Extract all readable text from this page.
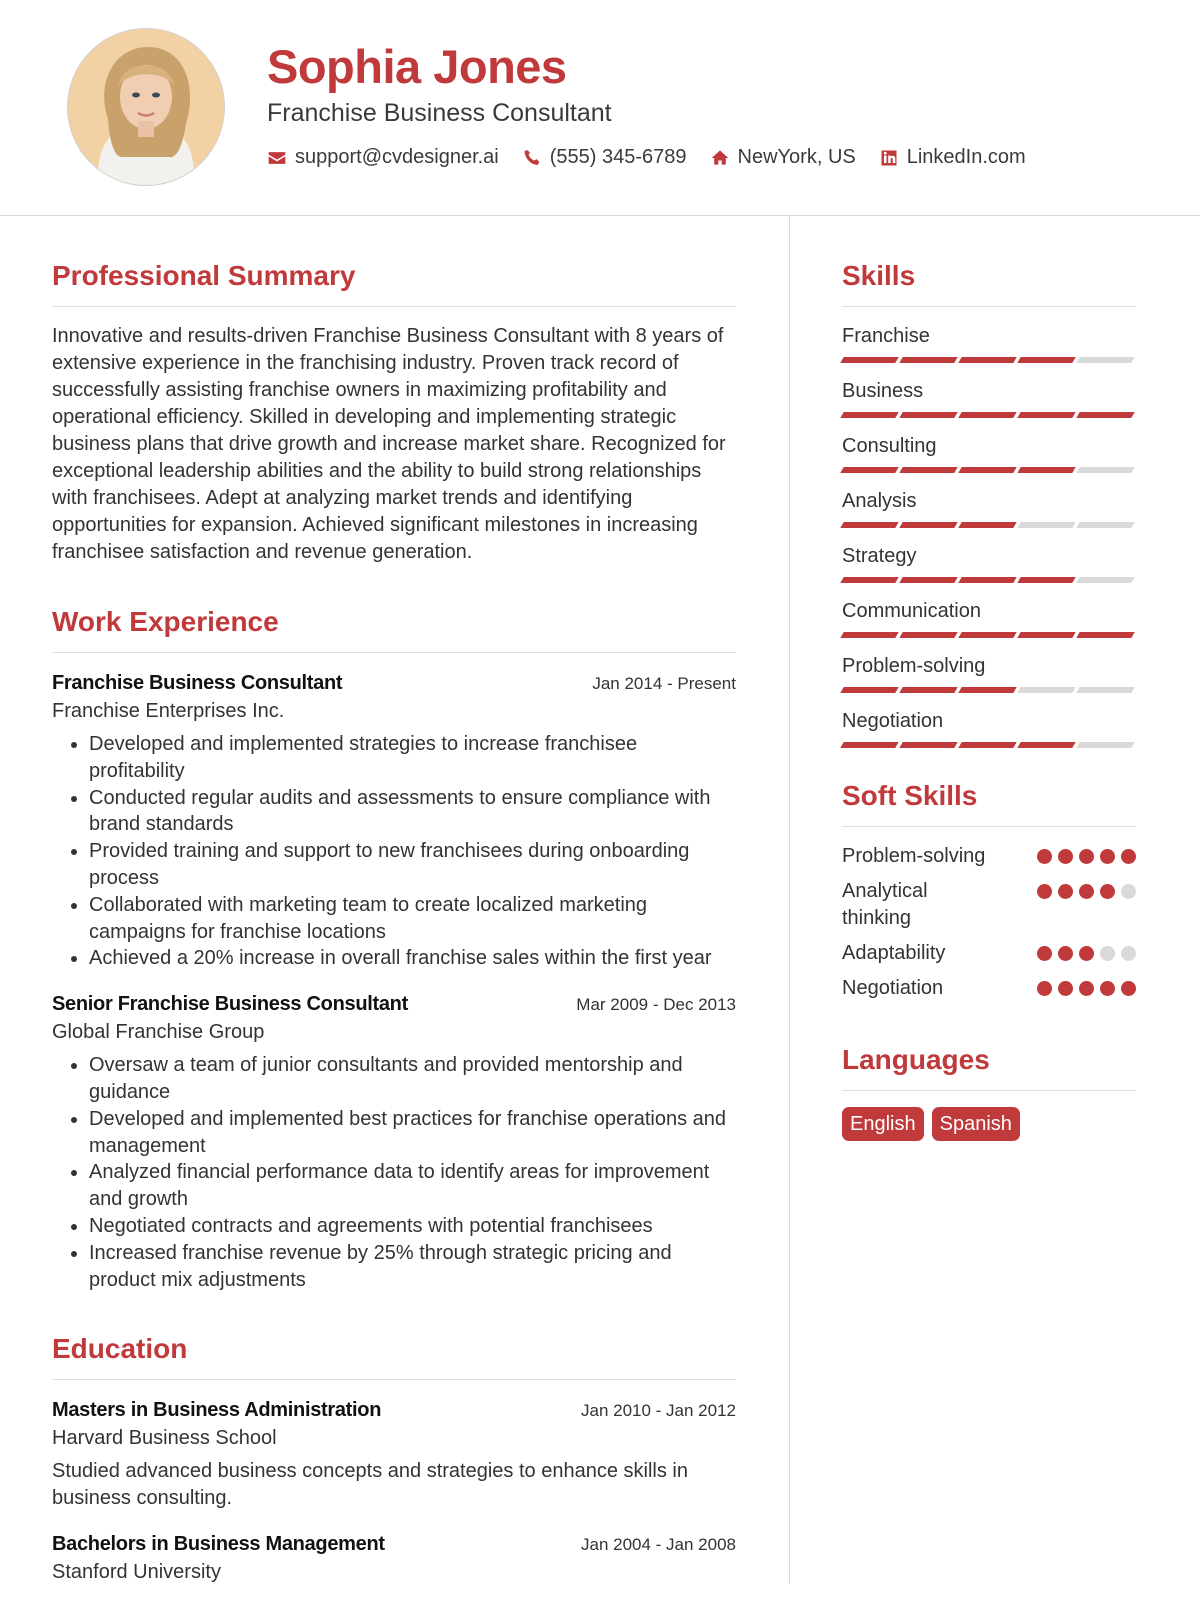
Sophia Jones
Franchise Business Consultant
support@cvdesigner.ai	(555) 345-6789	NewYork, US	LinkedIn.com
Professional Summary

Innovative and results-driven Franchise Business Consultant with 8 years of extensive experience in the franchising industry. Proven track record of successfully assisting franchise owners in maximizing profitability and operational efficiency. Skilled in developing and implementing strategic business plans that drive growth and increase market share. Recognized for exceptional leadership abilities and the ability to build strong relationships with franchisees. Adept at analyzing market trends and identifying opportunities for expansion. Achieved significant milestones in increasing franchisee satisfaction and revenue generation.

Work Experience
Franchise Business Consultant	Jan 2014 - Present
Franchise Enterprises Inc.
• Developed and implemented strategies to increase franchisee profitability
• Conducted regular audits and assessments to ensure compliance with brand standards
• Provided training and support to new franchisees during onboarding process
• Collaborated with marketing team to create localized marketing campaigns for franchise locations
• Achieved a 20% increase in overall franchise sales within the first year
Senior Franchise Business Consultant	Mar 2009 - Dec 2013
Global Franchise Group
• Oversaw a team of junior consultants and provided mentorship and guidance
• Developed and implemented best practices for franchise operations and management
• Analyzed financial performance data to identify areas for improvement and growth
• Negotiated contracts and agreements with potential franchisees
• Increased franchise revenue by 25% through strategic pricing and product mix adjustments
Education
Masters in Business Administration	Jan 2010 - Jan 2012
Harvard Business School

Studied advanced business concepts and strategies to enhance skills in business consulting.

Bachelors in Business Management	Jan 2004 - Jan 2008
Stanford University
Skills
Franchise
Business
Consulting
Analysis
Strategy
Communication
Problem-solving
Negotiation
Soft Skills
Problem-solving
Analytical thinking
Adaptability
Negotiation
Languages
English	Spanish
